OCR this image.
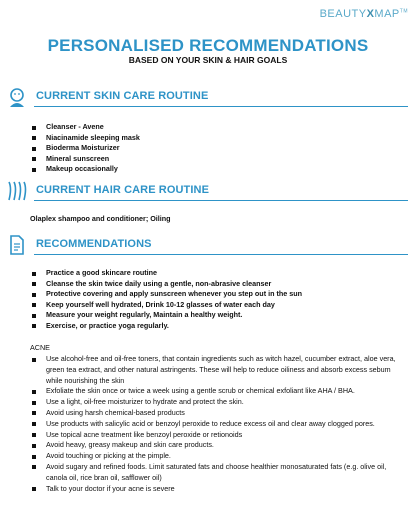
BEAUTYXMAP™
PERSONALISED RECOMMENDATIONS
BASED ON YOUR SKIN & HAIR GOALS
CURRENT SKIN CARE ROUTINE
Cleanser - Avene
Niacinamide sleeping mask
Bioderma Moisturizer
Mineral sunscreen
Makeup occasionally
CURRENT HAIR CARE ROUTINE
Olaplex shampoo and conditioner; Oiling
RECOMMENDATIONS
Practice a good skincare routine
Cleanse the skin twice daily using a gentle, non-abrasive cleanser
Protective covering and apply sunscreen whenever you step out in the sun
Keep yourself well hydrated, Drink 10-12 glasses of water each day
Measure your weight regularly, Maintain a healthy weight.
Exercise, or practice yoga regularly.
ACNE
Use alcohol-free and oil-free toners, that contain ingredients such as witch hazel, cucumber extract, aloe vera, green tea extract, and other natural astringents. These will help to reduce oiliness and absorb excess sebum while nourishing the skin
Exfoliate the skin once or twice a week using a gentle scrub or chemical exfoliant like AHA / BHA.
Use a light, oil-free moisturizer to hydrate and protect the skin.
Avoid using harsh chemical-based products
Use products with salicylic acid or benzoyl peroxide to reduce excess oil and clear away clogged pores.
Use topical acne treatment like benzoyl peroxide or retionoids
Avoid heavy, greasy makeup and skin care products.
Avoid touching or picking at the pimple.
Avoid sugary and refined foods. Limit saturated fats and choose healthier monosaturated fats (e.g. olive oil, canola oil, rice bran oil, safflower oil)
Talk to your doctor if your acne is severe
